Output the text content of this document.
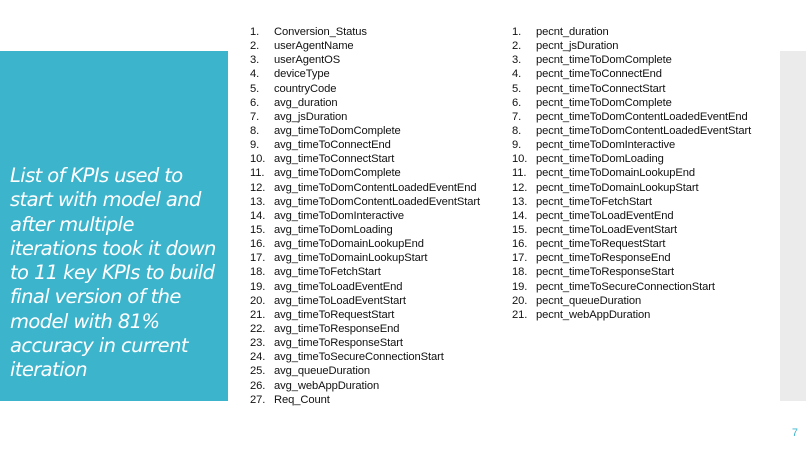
List of KPIs used to start with model and after multiple iterations took it down to 11 key KPIs to build final version of the model with 81% accuracy in current iteration
1. Conversion_Status
2. userAgentName
3. userAgentOS
4. deviceType
5. countryCode
6. avg_duration
7. avg_jsDuration
8. avg_timeToDomComplete
9. avg_timeToConnectEnd
10. avg_timeToConnectStart
11. avg_timeToDomComplete
12. avg_timeToDomContentLoadedEventEnd
13. avg_timeToDomContentLoadedEventStart
14. avg_timeToDomInteractive
15. avg_timeToDomLoading
16. avg_timeToDomainLookupEnd
17. avg_timeToDomainLookupStart
18. avg_timeToFetchStart
19. avg_timeToLoadEventEnd
20. avg_timeToLoadEventStart
21. avg_timeToRequestStart
22. avg_timeToResponseEnd
23. avg_timeToResponseStart
24. avg_timeToSecureConnectionStart
25. avg_queueDuration
26. avg_webAppDuration
27. Req_Count
1. pecnt_duration
2. pecnt_jsDuration
3. pecnt_timeToDomComplete
4. pecnt_timeToConnectEnd
5. pecnt_timeToConnectStart
6. pecnt_timeToDomComplete
7. pecnt_timeToDomContentLoadedEventEnd
8. pecnt_timeToDomContentLoadedEventStart
9. pecnt_timeToDomInteractive
10. pecnt_timeToDomLoading
11. pecnt_timeToDomainLookupEnd
12. pecnt_timeToDomainLookupStart
13. pecnt_timeToFetchStart
14. pecnt_timeToLoadEventEnd
15. pecnt_timeToLoadEventStart
16. pecnt_timeToRequestStart
17. pecnt_timeToResponseEnd
18. pecnt_timeToResponseStart
19. pecnt_timeToSecureConnectionStart
20. pecnt_queueDuration
21. pecnt_webAppDuration
7
